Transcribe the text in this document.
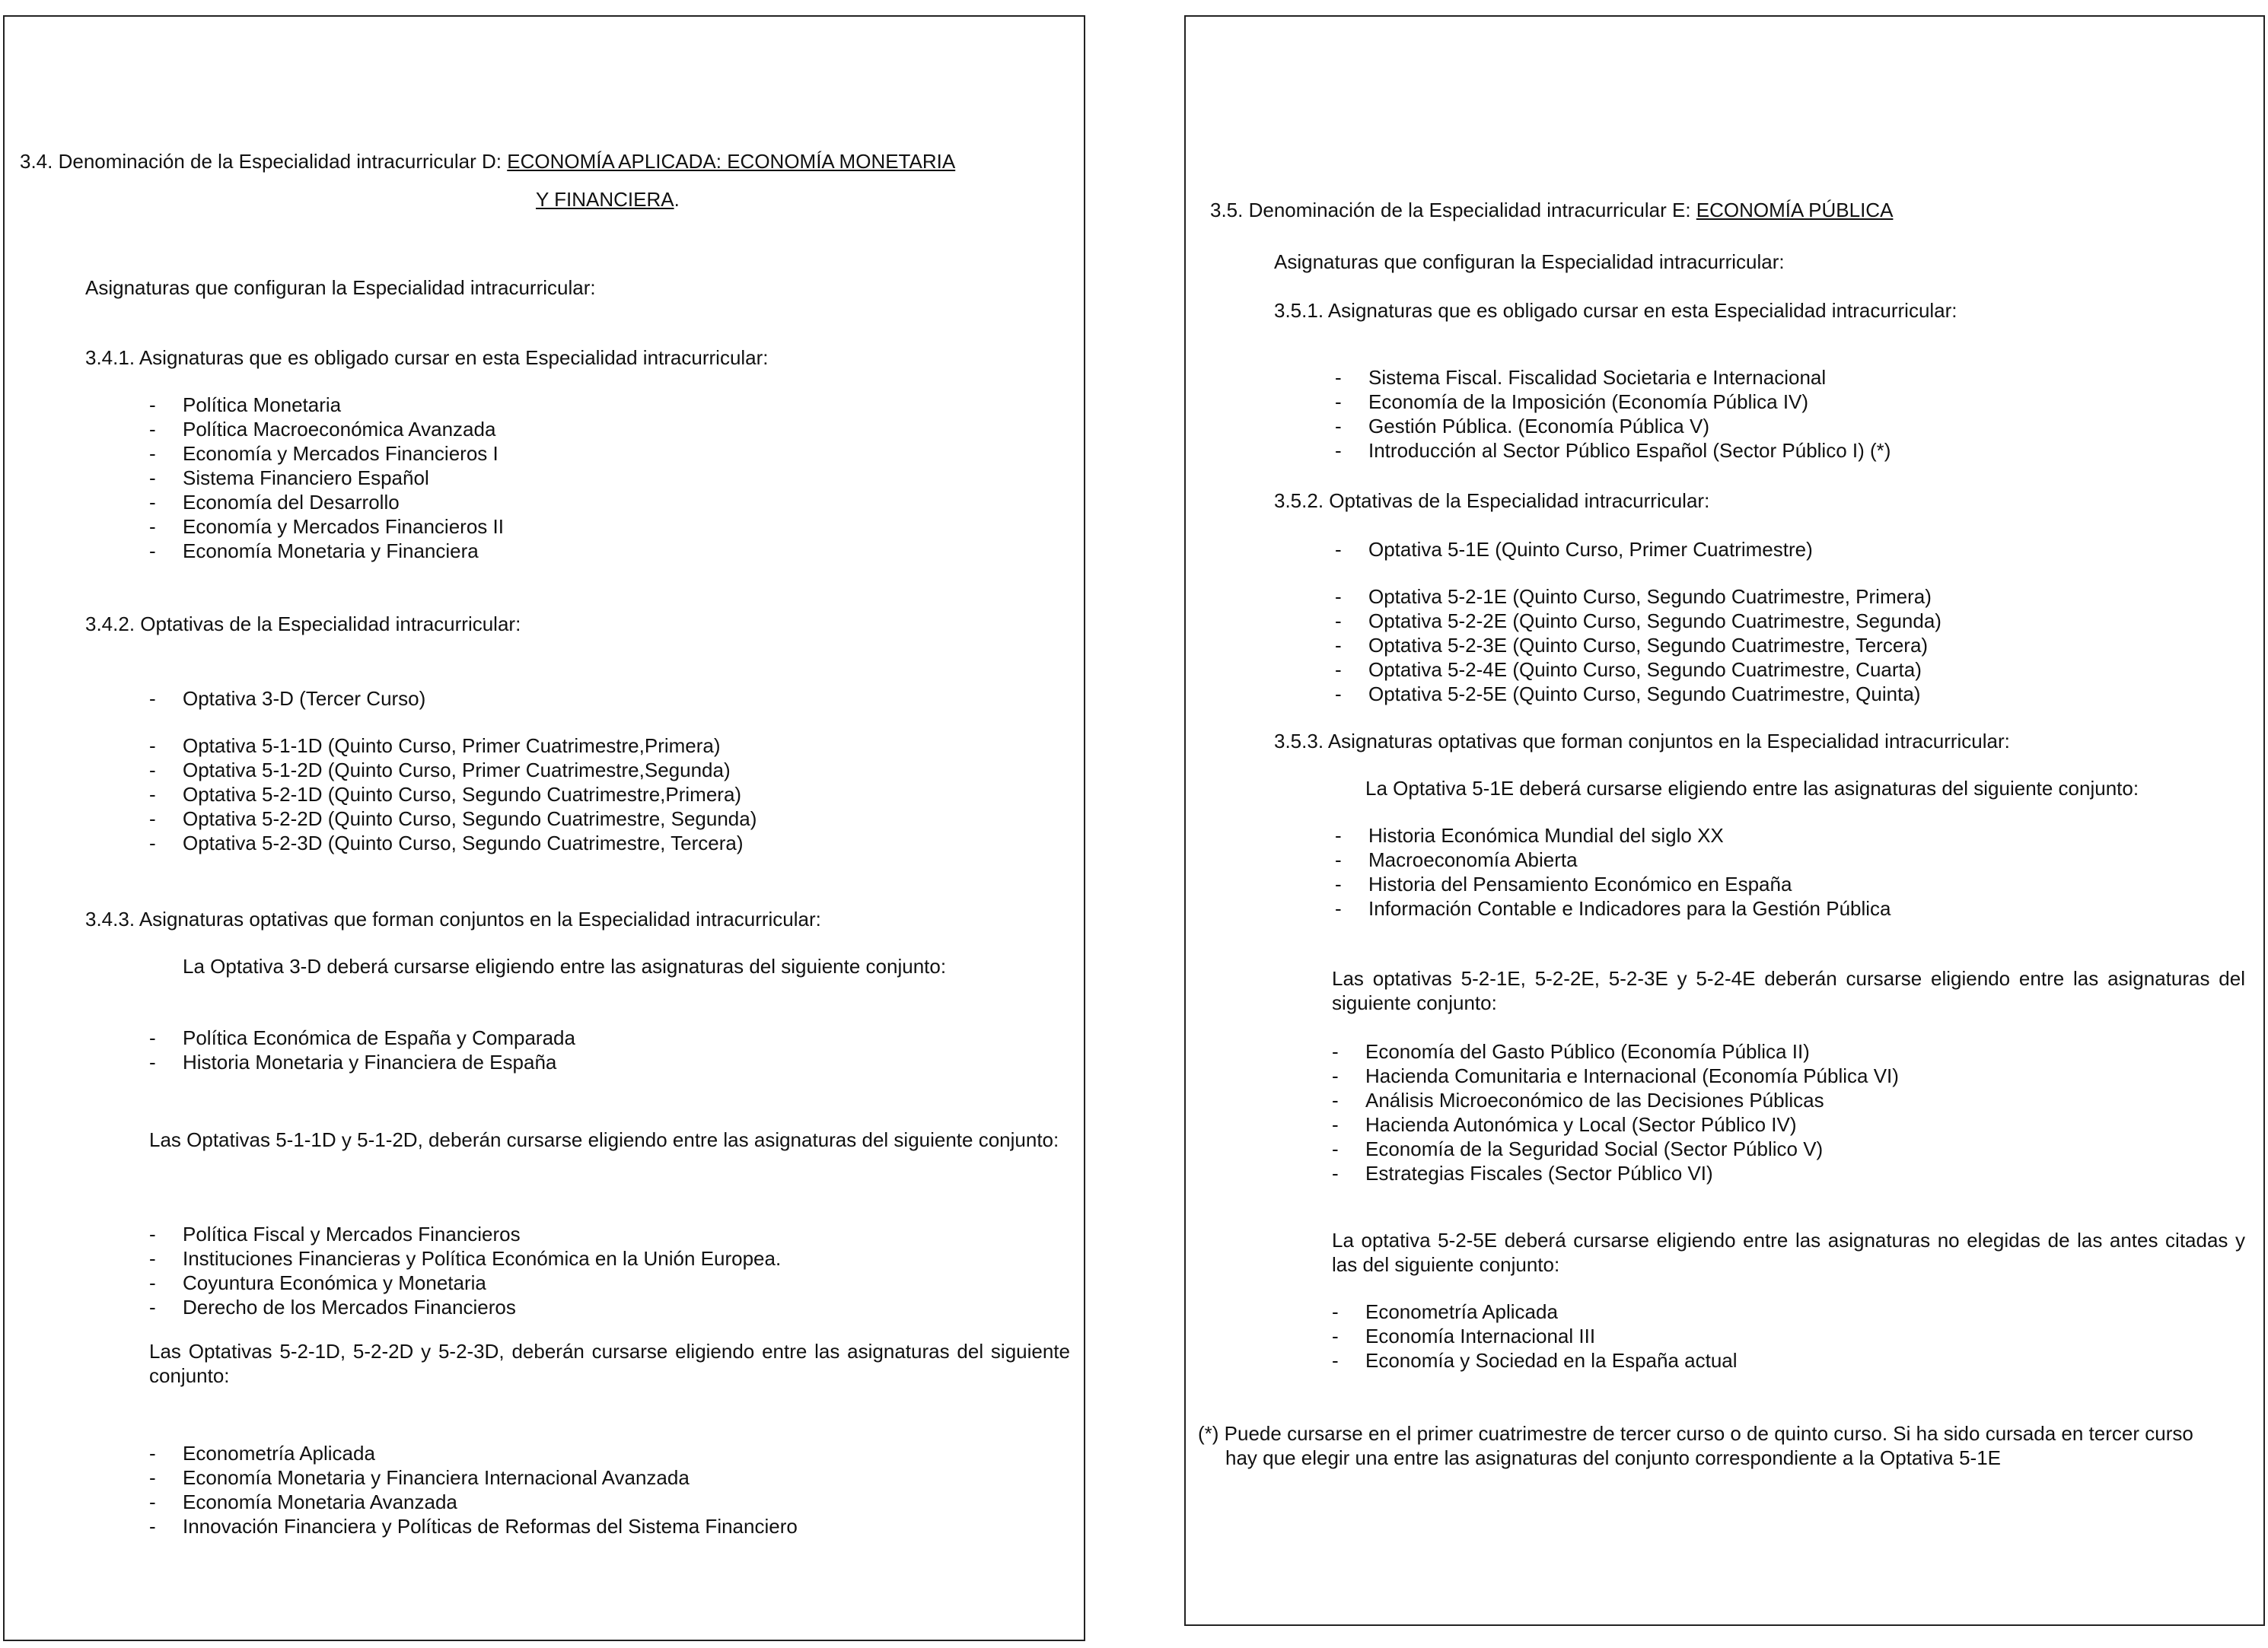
3.4. Denominación de la Especialidad intracurricular D: ECONOMÍA APLICADA: ECONOMÍA MONETARIA
Y FINANCIERA.
Asignaturas que configuran la Especialidad intracurricular:
3.4.1. Asignaturas que es obligado cursar en esta Especialidad intracurricular:
3.4.2. Optativas de la Especialidad intracurricular:
3.4.3. Asignaturas optativas que forman conjuntos en la Especialidad intracurricular:
La Optativa 3-D deberá cursarse eligiendo entre las asignaturas del siguiente conjunto:
Las Optativas 5-1-1D y 5-1-2D, deberán cursarse eligiendo entre las asignaturas del siguiente conjunto:
Las Optativas 5-2-1D, 5-2-2D y 5-2-3D, deberán cursarse eligiendo entre las asignaturas del siguiente conjunto:
- Política Monetaria
- Política Macroeconómica Avanzada
- Economía y Mercados Financieros I
- Sistema Financiero Español
- Economía del Desarrollo
- Economía y Mercados Financieros II
- Economía Monetaria y Financiera
- Optativa 3-D (Tercer Curso)
- Optativa 5-1-1D (Quinto Curso, Primer Cuatrimestre,Primera)
- Optativa 5-1-2D (Quinto Curso, Primer Cuatrimestre,Segunda)
- Optativa 5-2-1D (Quinto Curso, Segundo Cuatrimestre,Primera)
- Optativa 5-2-2D (Quinto Curso, Segundo Cuatrimestre, Segunda)
- Optativa 5-2-3D (Quinto Curso, Segundo Cuatrimestre, Tercera)
- Política Económica de España y Comparada
- Historia Monetaria y Financiera de España
- Política Fiscal y Mercados Financieros
- Instituciones Financieras y Política Económica en la Unión Europea.
- Coyuntura Económica y Monetaria
- Derecho de los Mercados Financieros
- Econometría Aplicada
- Economía Monetaria y Financiera Internacional Avanzada
- Economía Monetaria Avanzada
- Innovación Financiera y Políticas de Reformas del Sistema Financiero
3.5. Denominación de la Especialidad intracurricular E: ECONOMÍA PÚBLICA
Asignaturas que configuran la Especialidad intracurricular:
3.5.1. Asignaturas que es obligado cursar en esta Especialidad intracurricular:
3.5.2. Optativas de la Especialidad intracurricular:
3.5.3. Asignaturas optativas que forman conjuntos en la Especialidad intracurricular:
La Optativa 5-1E deberá cursarse eligiendo entre las asignaturas del siguiente conjunto:
Las optativas 5-2-1E, 5-2-2E, 5-2-3E y 5-2-4E deberán cursarse eligiendo entre las asignaturas del siguiente conjunto:
La optativa 5-2-5E deberá cursarse eligiendo entre las asignaturas no elegidas de las antes citadas y las del siguiente conjunto:
(*) Puede cursarse en el primer cuatrimestre de tercer curso o de quinto curso. Si ha sido cursada en tercer curso
hay que elegir una entre las asignaturas del conjunto correspondiente a la Optativa 5-1E
- Sistema Fiscal. Fiscalidad Societaria e Internacional
- Economía de la Imposición (Economía Pública IV)
- Gestión Pública. (Economía Pública V)
- Introducción al Sector Público Español (Sector Público I) (*)
- Optativa 5-1E (Quinto Curso, Primer Cuatrimestre)
- Optativa 5-2-1E (Quinto Curso, Segundo Cuatrimestre, Primera)
- Optativa 5-2-2E (Quinto Curso, Segundo Cuatrimestre, Segunda)
- Optativa 5-2-3E (Quinto Curso, Segundo Cuatrimestre, Tercera)
- Optativa 5-2-4E (Quinto Curso, Segundo Cuatrimestre, Cuarta)
- Optativa 5-2-5E (Quinto Curso, Segundo Cuatrimestre, Quinta)
- Historia Económica Mundial del siglo XX
- Macroeconomía Abierta
- Historia del Pensamiento Económico en España
- Información Contable e Indicadores para la Gestión Pública
- Economía del Gasto Público (Economía Pública II)
- Hacienda Comunitaria e Internacional (Economía Pública VI)
- Análisis Microeconómico de las Decisiones Públicas
- Hacienda Autonómica y Local (Sector Público IV)
- Economía de la Seguridad Social (Sector Público V)
- Estrategias Fiscales (Sector Público VI)
- Econometría Aplicada
- Economía Internacional III
- Economía y Sociedad en la España actual
